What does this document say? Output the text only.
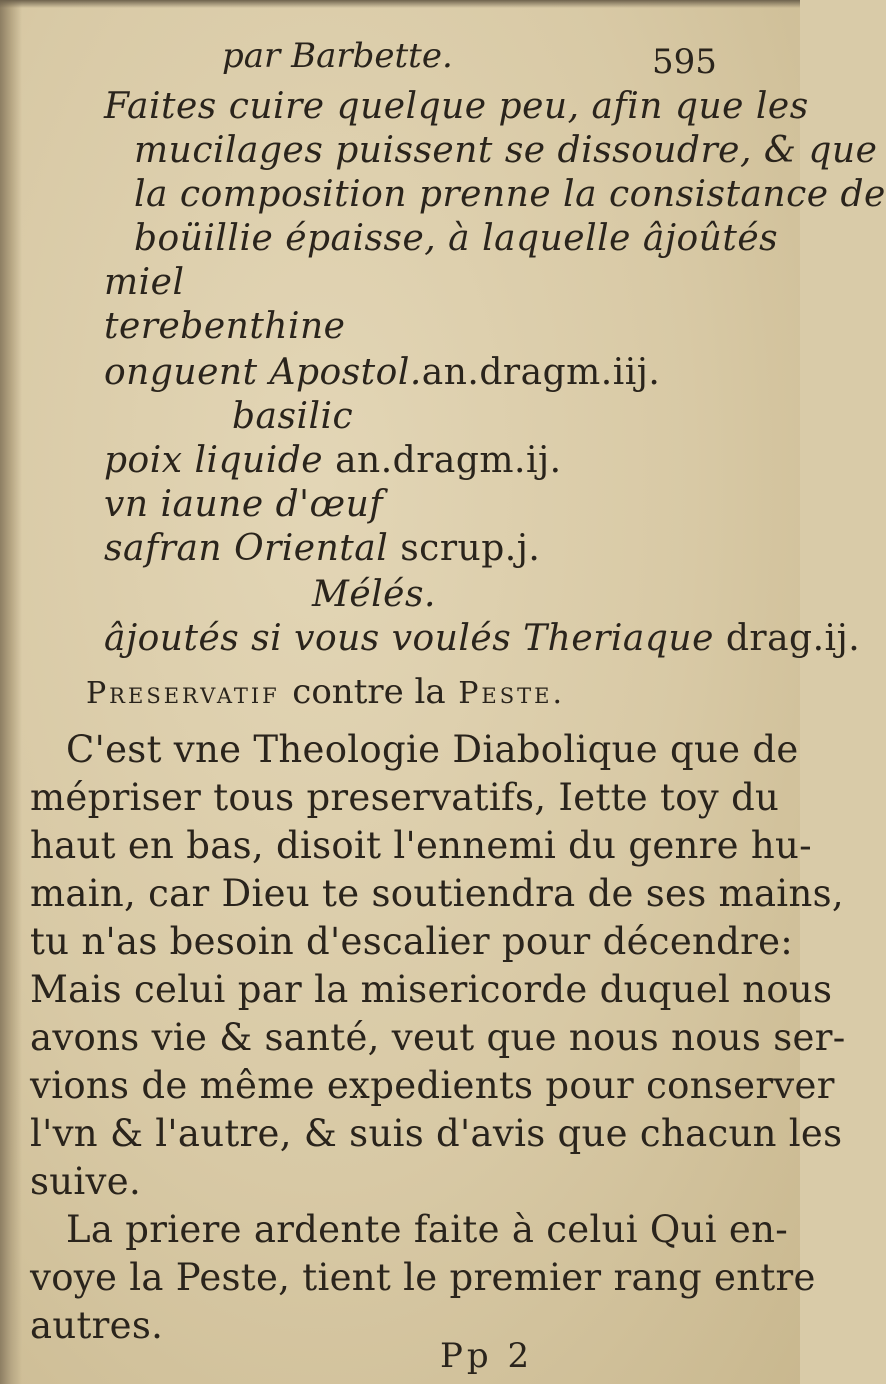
par Barbette.	595
Faites cuire quelque peu, afin que les
mucilages puissent se dissoudre, & que
la composition prenne la consistance de
boüillie épaisse, à laquelle âjoûtés
miel
terebenthine
onguent Apostol.an.dragm.iij.
basilic
poix liquide an.dragm.ij.
vn iaune d'œuf
safran Oriental scrup.j.
Mélés.
âjoutés si vous voulés Theriaque drag.ij.
Preservatif contre la Peste.
C'est vne Theologie Diabolique que de
mépriser tous preservatifs, Iette toy du
haut en bas, disoit l'ennemi du genre hu-
main, car Dieu te soutiendra de ses mains,
tu n'as besoin d'escalier pour décendre:
Mais celui par la misericorde duquel nous
avons vie & santé, veut que nous nous ser-
vions de même expedients pour conserver
l'vn & l'autre, & suis d'avis que chacun les
suive.
La priere ardente faite à celui Qui en-
voye la Peste, tient le premier rang entre
autres.
Pp 2
